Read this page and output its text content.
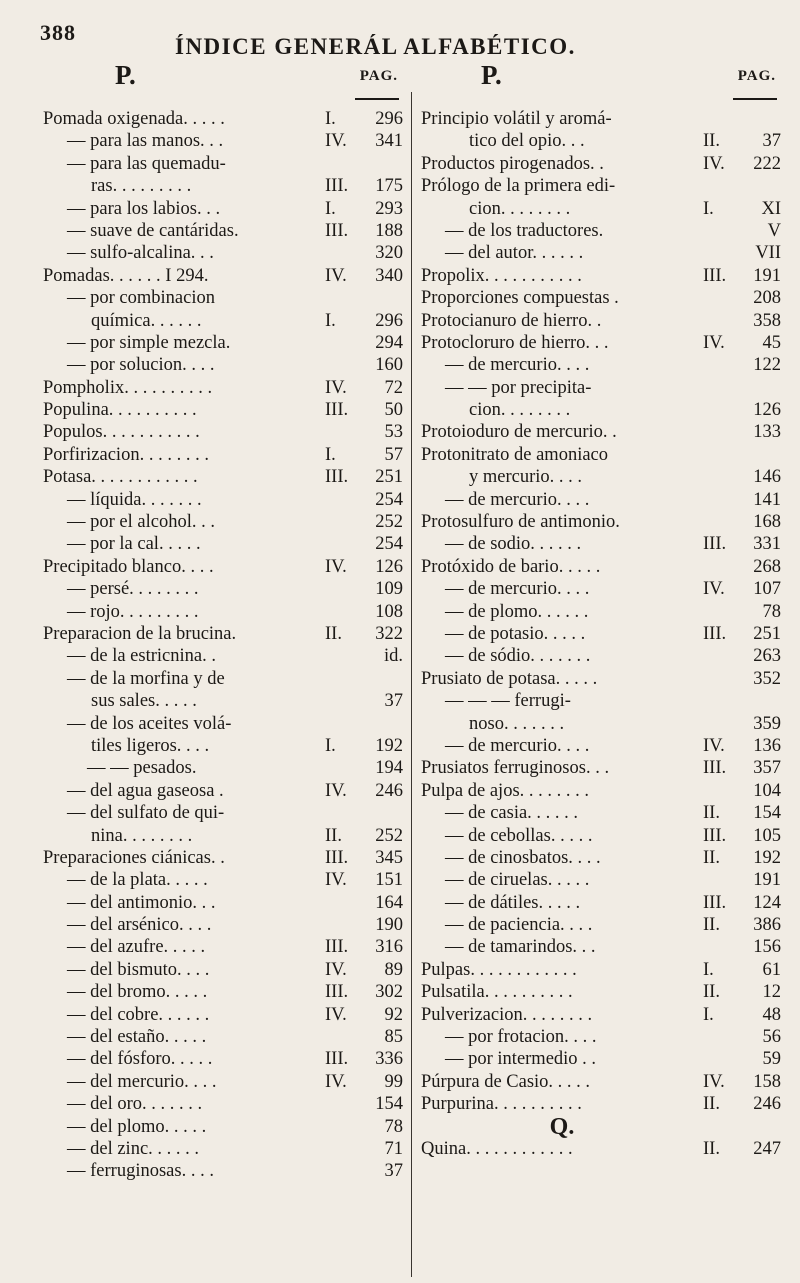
388
ÍNDICE GENERÁL ALFABÉTICO.
P.	PAG.
Pomada oxigenada. . . . .	I.	296
— para las manos. . .	IV.	341
— para las quemadu-
ras. . . . . . . . .	III.	175
— para los labios. . .	I.	293
— suave de cantáridas.	III.	188
— sulfo-alcalina. . .	320
Pomadas. . . . . . I 294.	IV.	340
— por combinacion
química. . . . . .	I.	296
— por simple mezcla.	294
— por solucion. . . .	160
Pompholix. . . . . . . . . .	IV.	72
Populina. . . . . . . . . .	III.	50
Populos. . . . . . . . . . .	53
Porfirizacion. . . . . . . .	I.	57
Potasa. . . . . . . . . . . .	III.	251
— líquida. . . . . . .	254
— por el alcohol. . .	252
— por la cal. . . . .	254
Precipitado blanco. . . .	IV.	126
— persé. . . . . . . .	109
— rojo. . . . . . . . .	108
Preparacion de la brucina.	II.	322
— de la estricnina. .	id.
— de la morfina y de
sus sales. . . . .	37
— de los aceites volá-
tiles ligeros. . . .	I.	192
— — pesados.	194
— del agua gaseosa .	IV.	246
— del sulfato de qui-
nina. . . . . . . .	II.	252
Preparaciones ciánicas. .	III.	345
— de la plata. . . . .	IV.	151
— del antimonio. . .	164
— del arsénico. . . .	190
— del azufre. . . . .	III.	316
— del bismuto. . . .	IV.	89
— del bromo. . . . .	III.	302
— del cobre. . . . . .	IV.	92
— del estaño. . . . .	85
— del fósforo. . . . .	III.	336
— del mercurio. . . .	IV.	99
— del oro. . . . . . .	154
— del plomo. . . . .	78
— del zinc. . . . . .	71
— ferruginosas. . . .	37
P.	PAG.
Principio volátil y aromá-
tico del opio. . .	II.	37
Productos pirogenados. .	IV.	222
Prólogo de la primera edi-
cion. . . . . . . .	I.	XI
— de los traductores.	V
— del autor. . . . . .	VII
Propolix. . . . . . . . . . .	III.	191
Proporciones compuestas .	208
Protocianuro de hierro. .	358
Protocloruro de hierro. . .	IV.	45
— de mercurio. . . .	122
— — por precipita-
cion. . . . . . . .	126
Protoioduro de mercurio. .	133
Protonitrato de amoniaco
y mercurio. . . .	146
— de mercurio. . . .	141
Protosulfuro de antimonio.	168
— de sodio. . . . . .	III.	331
Protóxido de bario. . . . .	268
— de mercurio. . . .	IV.	107
— de plomo. . . . . .	78
— de potasio. . . . .	III.	251
— de sódio. . . . . . .	263
Prusiato de potasa. . . . .	352
— — — ferrugi-
noso. . . . . . .	359
— de mercurio. . . .	IV.	136
Prusiatos ferruginosos. . .	III.	357
Pulpa de ajos. . . . . . . .	104
— de casia. . . . . .	II.	154
— de cebollas. . . . .	III.	105
— de cinosbatos. . . .	II.	192
— de ciruelas. . . . .	191
— de dátiles. . . . .	III.	124
— de paciencia. . . .	II.	386
— de tamarindos. . .	156
Pulpas. . . . . . . . . . . .	I.	61
Pulsatila. . . . . . . . . .	II.	12
Pulverizacion. . . . . . . .	I.	48
— por frotacion. . . .	56
— por intermedio . .	59
Púrpura de Casio. . . . .	IV.	158
Purpurina. . . . . . . . . .	II.	246
Q.
Quina. . . . . . . . . . . .	II.	247
